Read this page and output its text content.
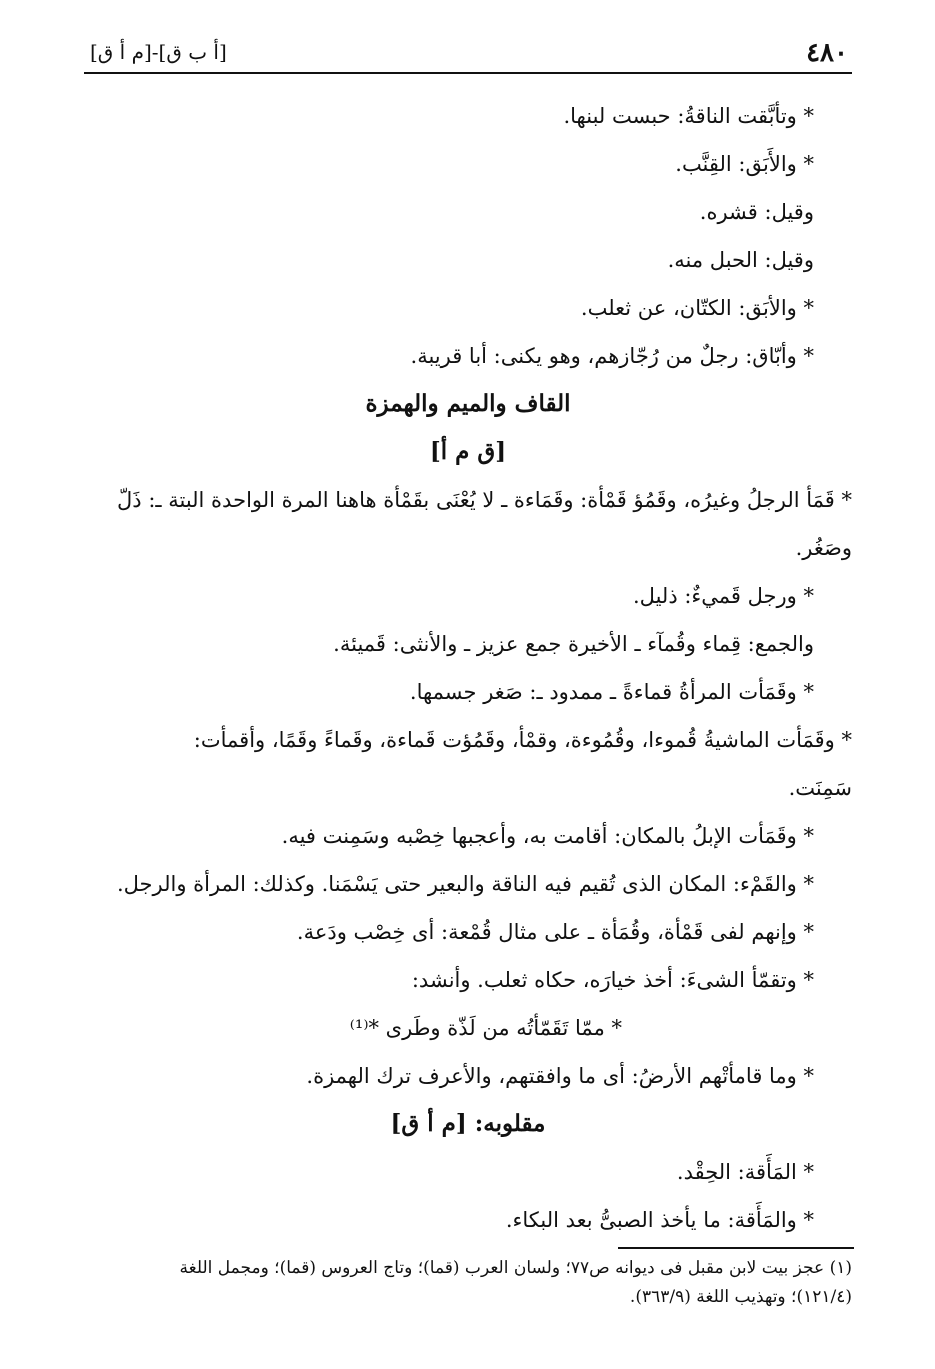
٤٨٠
[أ ب ق]-[م أ ق]

* وتأبَّقت الناقةُ: حبست لبنها.

* والأَبَق: القِنَّب.

وقيل: قشره.

وقيل: الحبل منه.

* والأبَق: الكتّان، عن ثعلب.

* وأبّاق: رجلٌ من رُجّازهم، وهو يكنى: أبا قريبة.

القاف والميم والهمزة

[ق م أ]

* قَمَأ الرجلُ وغيرُه، وقَمُؤ قَمْأة: وقَمَاءة ـ لا يُعْنَى بقَمْأة هاهنا المرة الواحدة البتة ـ: ذَلّ

وصَغُر.

* ورجل قَميءٌ: ذليل.

والجمع: قِماء وقُمآء ـ الأخيرة جمع عزيز ـ والأنثى: قَميئة.

* وقَمَأت المرأةُ قماءةً ـ ممدود ـ: صَغر جسمها.

* وقَمَأت الماشيةُ قُموءا، وقُمُوءة، وقمْأ، وقَمُؤت قَماءة، وقَماءً وقَمًا، وأقمأت:

سَمِنَت.

* وقَمَأت الإبلُ بالمكان: أقامت به، وأعجبها خِصْبه وسَمِنت فيه.

* والقَمْء: المكان الذى تُقيم فيه الناقة والبعير حتى يَسْمَنا. وكذلك: المرأة والرجل.

* وإنهم لفى قَمْأة، وقُمَأة ـ على مثال قُمْعة: أى خِصْب ودَعة.

* وتقمّأ الشىءَ: أخذ خيارَه، حكاه ثعلب. وأنشد:

* ممّا تَقَمّأتُه من لَذّة وطَرى *⁽¹⁾

* وما قامأتْهم الأرضُ: أى ما وافقتهم، والأعرف ترك الهمزة.

مقلوبه: [م أ ق]

* المَأَقة: الحِقْد.

* والمَأَقة: ما يأخذ الصبىُّ بعد البكاء.

(١) عجز بيت لابن مقبل فى ديوانه ص٧٧؛ ولسان العرب (قما)؛ وتاج العروس (قما)؛ ومجمل اللغة

(١٢١/٤)؛ وتهذيب اللغة (٣٦٣/٩).
